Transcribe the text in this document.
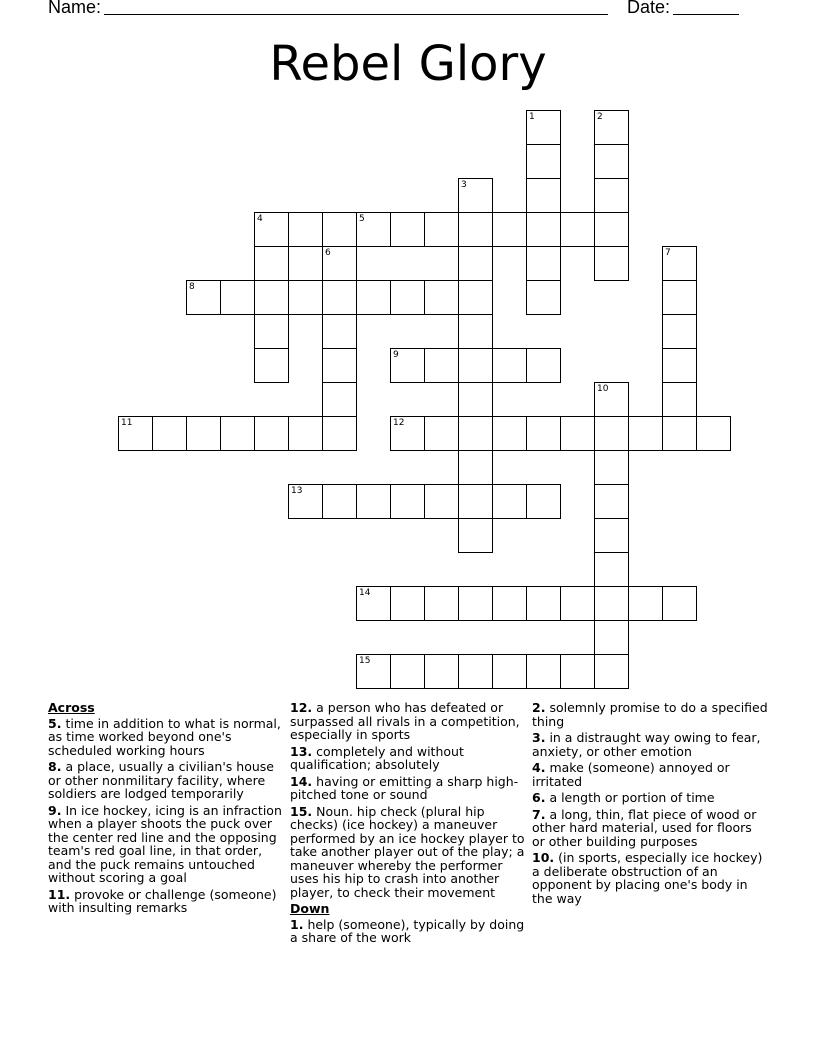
Name:	Date:
Rebel Glory
1	2
3
4	5
6	7
8
9
11	12
10
13
14
15
Across
5. time in addition to what is normal, as time worked beyond one's scheduled working hours
8. a place, usually a civilian's house or other nonmilitary facility, where soldiers are lodged temporarily
9. In ice hockey, icing is an infraction when a player shoots the puck over the center red line and the opposing team's red goal line, in that order, and the puck remains untouched without scoring a goal
11. provoke or challenge (someone) with insulting remarks
12. a person who has defeated or surpassed all rivals in a competition, especially in sports
13. completely and without qualification; absolutely
14. having or emitting a sharp high-pitched tone or sound
15. Noun. hip check (plural hip checks) (ice hockey) a maneuver performed by an ice hockey player to take another player out of the play; a maneuver whereby the performer uses his hip to crash into another player, to check their movement
Down
1. help (someone), typically by doing a share of the work
2. solemnly promise to do a specified thing
3. in a distraught way owing to fear, anxiety, or other emotion
4. make (someone) annoyed or irritated
6. a length or portion of time
7. a long, thin, flat piece of wood or other hard material, used for floors or other building purposes
10. (in sports, especially ice hockey) a deliberate obstruction of an opponent by placing one's body in the way
